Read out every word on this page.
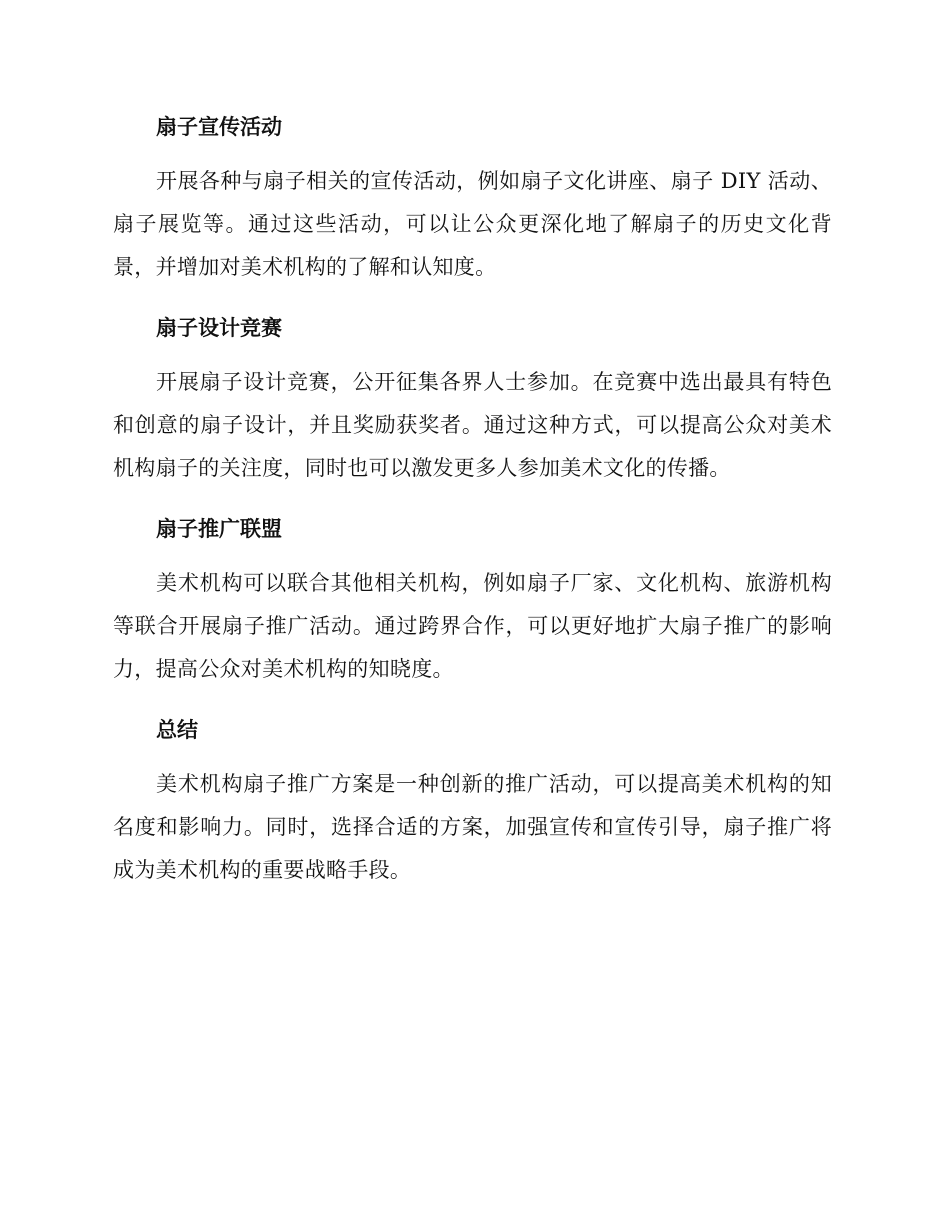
扇子宣传活动

开展各种与扇子相关的宣传活动，例如扇子文化讲座、扇子 DIY 活动、扇子展览等。通过这些活动，可以让公众更深化地了解扇子的历史文化背景，并增加对美术机构的了解和认知度。

扇子设计竞赛

开展扇子设计竞赛，公开征集各界人士参加。在竞赛中选出最具有特色和创意的扇子设计，并且奖励获奖者。通过这种方式，可以提高公众对美术机构扇子的关注度，同时也可以激发更多人参加美术文化的传播。

扇子推广联盟

美术机构可以联合其他相关机构，例如扇子厂家、文化机构、旅游机构等联合开展扇子推广活动。通过跨界合作，可以更好地扩大扇子推广的影响力，提高公众对美术机构的知晓度。

总结

美术机构扇子推广方案是一种创新的推广活动，可以提高美术机构的知名度和影响力。同时，选择合适的方案，加强宣传和宣传引导，扇子推广将成为美术机构的重要战略手段。
